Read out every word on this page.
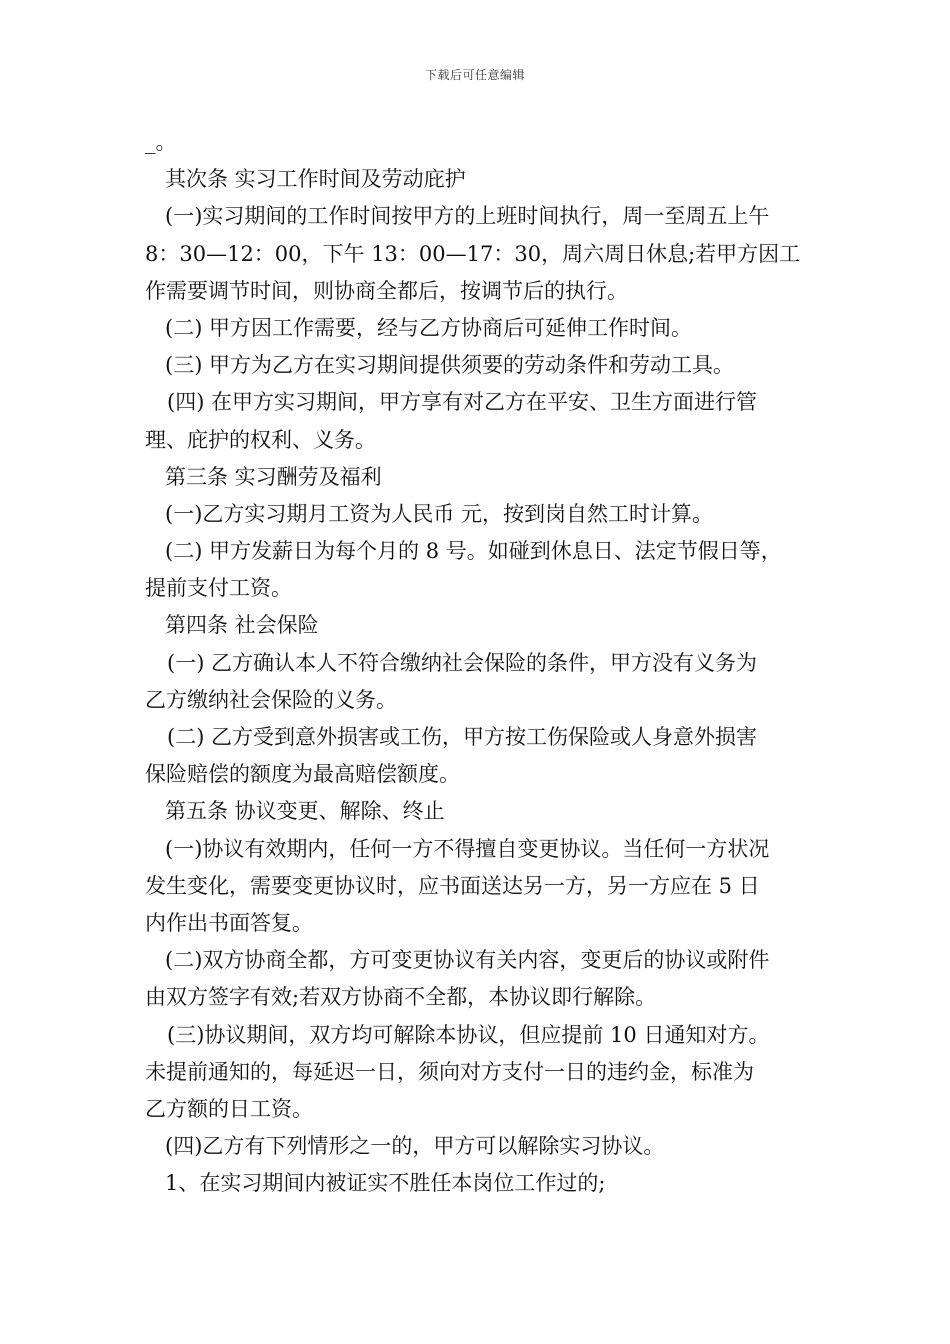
下载后可任意编辑
_。
其次条 实习工作时间及劳动庇护
(一)实习期间的工作时间按甲方的上班时间执行，周一至周五上午
8：30—12：00，下午 13：00—17：30，周六周日休息;若甲方因工
作需要调节时间，则协商全都后，按调节后的执行。
(二) 甲方因工作需要，经与乙方协商后可延伸工作时间。
(三) 甲方为乙方在实习期间提供须要的劳动条件和劳动工具。
(四) 在甲方实习期间，甲方享有对乙方在平安、卫生方面进行管
理、庇护的权利、义务。
第三条 实习酬劳及福利
(一)乙方实习期月工资为人民币 元，按到岗自然工时计算。
(二) 甲方发薪日为每个月的 8 号。如碰到休息日、法定节假日等，
提前支付工资。
第四条 社会保险
(一) 乙方确认本人不符合缴纳社会保险的条件，甲方没有义务为
乙方缴纳社会保险的义务。
(二) 乙方受到意外损害或工伤，甲方按工伤保险或人身意外损害
保险赔偿的额度为最高赔偿额度。
第五条 协议变更、解除、终止
(一)协议有效期内，任何一方不得擅自变更协议。当任何一方状况
发生变化，需要变更协议时，应书面送达另一方，另一方应在 5 日
内作出书面答复。
(二)双方协商全都，方可变更协议有关内容，变更后的协议或附件
由双方签字有效;若双方协商不全都，本协议即行解除。
(三)协议期间，双方均可解除本协议，但应提前 10 日通知对方。
未提前通知的，每延迟一日，须向对方支付一日的违约金，标准为
乙方额的日工资。
(四)乙方有下列情形之一的，甲方可以解除实习协议。
1、在实习期间内被证实不胜任本岗位工作过的;
